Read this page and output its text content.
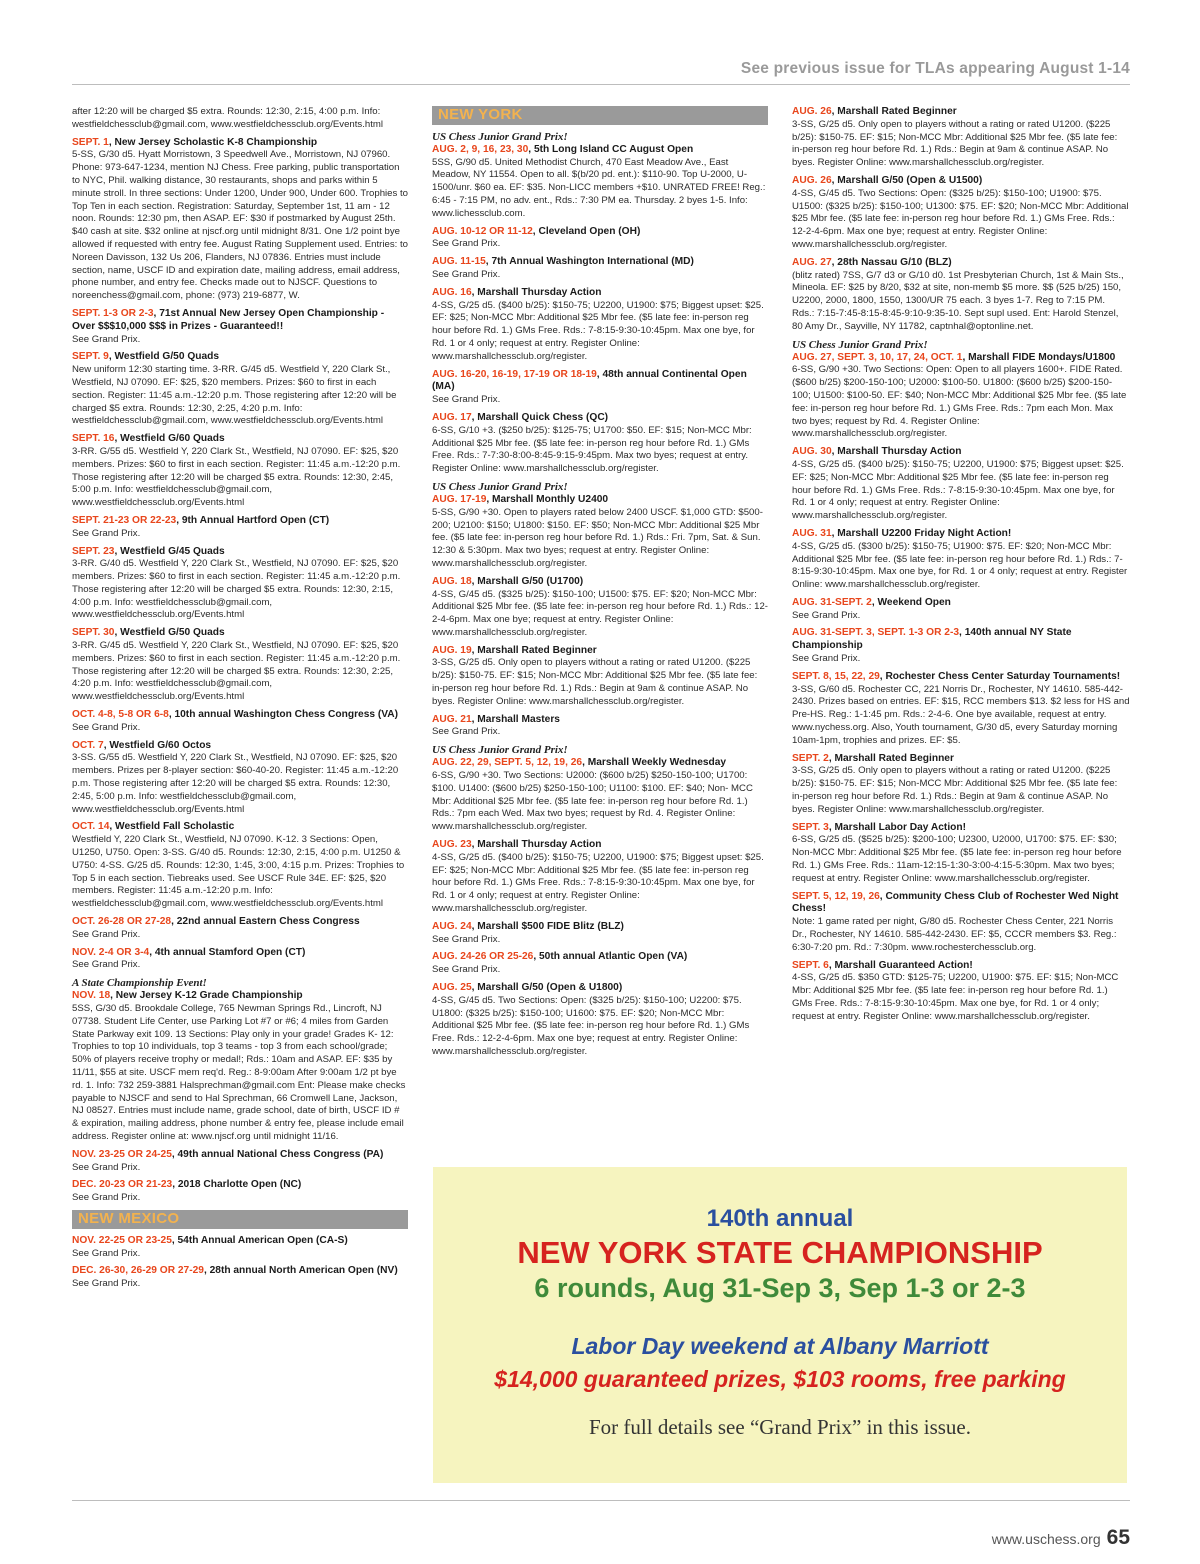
See previous issue for TLAs appearing August 1-14
after 12:20 will be charged $5 extra. Rounds: 12:30, 2:15, 4:00 p.m. Info: westfieldchessclub@gmail.com, www.westfieldchessclub.org/Events.html
SEPT. 1, New Jersey Scholastic K-8 Championship
5-SS, G/30 d5. Hyatt Morristown, 3 Speedwell Ave., Morristown, NJ 07960. Phone: 973-647-1234, mention NJ Chess. Free parking, public transportation to NYC, Phil. walking distance, 30 restaurants, shops and parks within 5 minute stroll. In three sections: Under 1200, Under 900, Under 600. Trophies to Top Ten in each section. Registration: Saturday, September 1st, 11 am - 12 noon. Rounds: 12:30 pm, then ASAP. EF: $30 if postmarked by August 25th. $40 cash at site. $32 online at njscf.org until midnight 8/31. One 1/2 point bye allowed if requested with entry fee. August Rating Supplement used. Entries: to Noreen Davisson, 132 Us 206, Flanders, NJ 07836. Entries must include section, name, USCF ID and expiration date, mailing address, email address, phone number, and entry fee. Checks made out to NJSCF. Questions to noreenchess@gmail.com, phone: (973) 219-6877, W.
SEPT. 1-3 OR 2-3, 71st Annual New Jersey Open Championship - Over $$$10,000 $$$ in Prizes - Guaranteed!!
See Grand Prix.
SEPT. 9, Westfield G/50 Quads
New uniform 12:30 starting time. 3-RR. G/45 d5. Westfield Y, 220 Clark St., Westfield, NJ 07090. EF: $25, $20 members. Prizes: $60 to first in each section. Register: 11:45 a.m.-12:20 p.m. Those registering after 12:20 will be charged $5 extra. Rounds: 12:30, 2:25, 4:20 p.m. Info: westfieldchessclub@gmail.com, www.westfieldchessclub.org/Events.html
SEPT. 16, Westfield G/60 Quads
3-RR. G/55 d5. Westfield Y, 220 Clark St., Westfield, NJ 07090. EF: $25, $20 members. Prizes: $60 to first in each section. Register: 11:45 a.m.-12:20 p.m. Those registering after 12:20 will be charged $5 extra. Rounds: 12:30, 2:45, 5:00 p.m. Info: westfieldchessclub@gmail.com, www.westfieldchessclub.org/Events.html
SEPT. 21-23 OR 22-23, 9th Annual Hartford Open (CT)
See Grand Prix.
SEPT. 23, Westfield G/45 Quads
3-RR. G/40 d5. Westfield Y, 220 Clark St., Westfield, NJ 07090. EF: $25, $20 members. Prizes: $60 to first in each section. Register: 11:45 a.m.-12:20 p.m. Those registering after 12:20 will be charged $5 extra. Rounds: 12:30, 2:15, 4:00 p.m. Info: westfieldchessclub@gmail.com, www.westfieldchessclub.org/Events.html
SEPT. 30, Westfield G/50 Quads
3-RR. G/45 d5. Westfield Y, 220 Clark St., Westfield, NJ 07090. EF: $25, $20 members. Prizes: $60 to first in each section. Register: 11:45 a.m.-12:20 p.m. Those registering after 12:20 will be charged $5 extra. Rounds: 12:30, 2:25, 4:20 p.m. Info: westfieldchessclub@gmail.com, www.westfieldchessclub.org/Events.html
OCT. 4-8, 5-8 OR 6-8, 10th annual Washington Chess Congress (VA)
See Grand Prix.
OCT. 7, Westfield G/60 Octos
3-SS. G/55 d5. Westfield Y, 220 Clark St., Westfield, NJ 07090. EF: $25, $20 members. Prizes per 8-player section: $60-40-20. Register: 11:45 a.m.-12:20 p.m. Those registering after 12:20 will be charged $5 extra. Rounds: 12:30, 2:45, 5:00 p.m. Info: westfieldchessclub@gmail.com, www.westfieldchessclub.org/Events.html
OCT. 14, Westfield Fall Scholastic
Westfield Y, 220 Clark St., Westfield, NJ 07090. K-12. 3 Sections: Open, U1250, U750. Open: 3-SS. G/40 d5. Rounds: 12:30, 2:15, 4:00 p.m. U1250 & U750: 4-SS. G/25 d5. Rounds: 12:30, 1:45, 3:00, 4:15 p.m. Prizes: Trophies to Top 5 in each section. Tiebreaks used. See USCF Rule 34E. EF: $25, $20 members. Register: 11:45 a.m.-12:20 p.m. Info: westfieldchessclub@gmail.com, www.westfieldchessclub.org/Events.html
OCT. 26-28 OR 27-28, 22nd annual Eastern Chess Congress
See Grand Prix.
NOV. 2-4 OR 3-4, 4th annual Stamford Open (CT)
See Grand Prix.
A State Championship Event!
NOV. 18, New Jersey K-12 Grade Championship
5SS, G/30 d5. Brookdale College, 765 Newman Springs Rd., Lincroft, NJ 07738. Student Life Center, use Parking Lot #7 or #6; 4 miles from Garden State Parkway exit 109. 13 Sections: Play only in your grade! Grades K- 12: Trophies to top 10 individuals, top 3 teams - top 3 from each school/grade; 50% of players receive trophy or medal!; Rds.: 10am and ASAP. EF: $35 by 11/11, $55 at site. USCF mem req'd. Reg.: 8-9:00am After 9:00am 1/2 pt bye rd. 1. Info: 732 259-3881 Halsprechman@gmail.com Ent: Please make checks payable to NJSCF and send to Hal Sprechman, 66 Cromwell Lane, Jackson, NJ 08527. Entries must include name, grade school, date of birth, USCF ID # & expiration, mailing address, phone number & entry fee, please include email address. Register online at: www.njscf.org until midnight 11/16.
NOV. 23-25 OR 24-25, 49th annual National Chess Congress (PA)
See Grand Prix.
DEC. 20-23 OR 21-23, 2018 Charlotte Open (NC)
See Grand Prix.
NEW MEXICO
NOV. 22-25 OR 23-25, 54th Annual American Open (CA-S)
See Grand Prix.
DEC. 26-30, 26-29 OR 27-29, 28th annual North American Open (NV)
See Grand Prix.
NEW YORK
US Chess Junior Grand Prix!
AUG. 2, 9, 16, 23, 30, 5th Long Island CC August Open
5SS, G/90 d5. United Methodist Church, 470 East Meadow Ave., East Meadow, NY 11554. Open to all. $(b/20 pd. ent.): $110-90. Top U-2000, U-1500/unr. $60 ea. EF: $35. Non-LICC members +$10. UNRATED FREE! Reg.: 6:45 - 7:15 PM, no adv. ent., Rds.: 7:30 PM ea. Thursday. 2 byes 1-5. Info: www.lichessclub.com.
AUG. 10-12 OR 11-12, Cleveland Open (OH)
See Grand Prix.
AUG. 11-15, 7th Annual Washington International (MD)
See Grand Prix.
AUG. 16, Marshall Thursday Action
4-SS, G/25 d5. ($400 b/25): $150-75; U2200, U1900: $75; Biggest upset: $25. EF: $25; Non-MCC Mbr: Additional $25 Mbr fee. ($5 late fee: in-person reg hour before Rd. 1.) GMs Free. Rds.: 7-8:15-9:30-10:45pm. Max one bye, for Rd. 1 or 4 only; request at entry. Register Online: www.marshallchessclub.org/register.
AUG. 16-20, 16-19, 17-19 OR 18-19, 48th annual Continental Open (MA)
See Grand Prix.
AUG. 17, Marshall Quick Chess (QC)
6-SS, G/10 +3. ($250 b/25): $125-75; U1700: $50. EF: $15; Non-MCC Mbr: Additional $25 Mbr fee. ($5 late fee: in-person reg hour before Rd. 1.) GMs Free. Rds.: 7-7:30-8:00-8:45-9:15-9:45pm. Max two byes; request at entry. Register Online: www.marshallchessclub.org/register.
US Chess Junior Grand Prix!
AUG. 17-19, Marshall Monthly U2400
5-SS, G/90 +30. Open to players rated below 2400 USCF. $1,000 GTD: $500-200; U2100: $150; U1800: $150. EF: $50; Non-MCC Mbr: Additional $25 Mbr fee. ($5 late fee: in-person reg hour before Rd. 1.) Rds.: Fri. 7pm, Sat. & Sun. 12:30 & 5:30pm. Max two byes; request at entry. Register Online: www.marshallchessclub.org/register.
AUG. 18, Marshall G/50 (U1700)
4-SS, G/45 d5. ($325 b/25): $150-100; U1500: $75. EF: $20; Non-MCC Mbr: Additional $25 Mbr fee. ($5 late fee: in-person reg hour before Rd. 1.) Rds.: 12-2-4-6pm. Max one bye; request at entry. Register Online: www.marshallchessclub.org/register.
AUG. 19, Marshall Rated Beginner
3-SS, G/25 d5. Only open to players without a rating or rated U1200. ($225 b/25): $150-75. EF: $15; Non-MCC Mbr: Additional $25 Mbr fee. ($5 late fee: in-person reg hour before Rd. 1.) Rds.: Begin at 9am & continue ASAP. No byes. Register Online: www.marshallchessclub.org/register.
AUG. 21, Marshall Masters
See Grand Prix.
US Chess Junior Grand Prix!
AUG. 22, 29, SEPT. 5, 12, 19, 26, Marshall Weekly Wednesday
6-SS, G/90 +30. Two Sections: U2000: ($600 b/25) $250-150-100; U1700: $100. U1400: ($600 b/25) $250-150-100; U1100: $100. EF: $40; Non- MCC Mbr: Additional $25 Mbr fee. ($5 late fee: in-person reg hour before Rd. 1.) Rds.: 7pm each Wed. Max two byes; request by Rd. 4. Register Online: www.marshallchessclub.org/register.
AUG. 23, Marshall Thursday Action
4-SS, G/25 d5. ($400 b/25): $150-75; U2200, U1900: $75; Biggest upset: $25. EF: $25; Non-MCC Mbr: Additional $25 Mbr fee. ($5 late fee: in-person reg hour before Rd. 1.) GMs Free. Rds.: 7-8:15-9:30-10:45pm. Max one bye, for Rd. 1 or 4 only; request at entry. Register Online: www.marshallchessclub.org/register.
AUG. 24, Marshall $500 FIDE Blitz (BLZ)
See Grand Prix.
AUG. 24-26 OR 25-26, 50th annual Atlantic Open (VA)
See Grand Prix.
AUG. 25, Marshall G/50 (Open & U1800)
4-SS, G/45 d5. Two Sections: Open: ($325 b/25): $150-100; U2200: $75. U1800: ($325 b/25): $150-100; U1600: $75. EF: $20; Non-MCC Mbr: Additional $25 Mbr fee. ($5 late fee: in-person reg hour before Rd. 1.) GMs Free. Rds.: 12-2-4-6pm. Max one bye; request at entry. Register Online: www.marshallchessclub.org/register.
AUG. 26, Marshall Rated Beginner
3-SS, G/25 d5. Only open to players without a rating or rated U1200. ($225 b/25): $150-75. EF: $15; Non-MCC Mbr: Additional $25 Mbr fee. ($5 late fee: in-person reg hour before Rd. 1.) Rds.: Begin at 9am & continue ASAP. No byes. Register Online: www.marshallchessclub.org/register.
AUG. 26, Marshall G/50 (Open & U1500)
4-SS, G/45 d5. Two Sections: Open: ($325 b/25): $150-100; U1900: $75. U1500: ($325 b/25): $150-100; U1300: $75. EF: $20; Non-MCC Mbr: Additional $25 Mbr fee. ($5 late fee: in-person reg hour before Rd. 1.) GMs Free. Rds.: 12-2-4-6pm. Max one bye; request at entry. Register Online: www.marshallchessclub.org/register.
AUG. 27, 28th Nassau G/10 (BLZ)
(blitz rated) 7SS, G/7 d3 or G/10 d0. 1st Presbyterian Church, 1st & Main Sts., Mineola. EF: $25 by 8/20, $32 at site, non-memb $5 more. $$ (525 b/25) 150, U2200, 2000, 1800, 1550, 1300/UR 75 each. 3 byes 1-7. Reg to 7:15 PM. Rds.: 7:15-7:45-8:15-8:45-9:10-9:35-10. Sept supl used. Ent: Harold Stenzel, 80 Amy Dr., Sayville, NY 11782, captnhal@optonline.net.
US Chess Junior Grand Prix!
AUG. 27, SEPT. 3, 10, 17, 24, OCT. 1, Marshall FIDE Mondays/U1800
6-SS, G/90 +30. Two Sections: Open: Open to all players 1600+. FIDE Rated. ($600 b/25) $200-150-100; U2000: $100-50. U1800: ($600 b/25) $200-150-100; U1500: $100-50. EF: $40; Non-MCC Mbr: Additional $25 Mbr fee. ($5 late fee: in-person reg hour before Rd. 1.) GMs Free. Rds.: 7pm each Mon. Max two byes; request by Rd. 4. Register Online: www.marshallchessclub.org/register.
AUG. 30, Marshall Thursday Action
4-SS, G/25 d5. ($400 b/25): $150-75; U2200, U1900: $75; Biggest upset: $25. EF: $25; Non-MCC Mbr: Additional $25 Mbr fee. ($5 late fee: in-person reg hour before Rd. 1.) GMs Free. Rds.: 7-8:15-9:30-10:45pm. Max one bye, for Rd. 1 or 4 only; request at entry. Register Online: www.marshallchessclub.org/register.
AUG. 31, Marshall U2200 Friday Night Action!
4-SS, G/25 d5. ($300 b/25): $150-75; U1900: $75. EF: $20; Non-MCC Mbr: Additional $25 Mbr fee. ($5 late fee: in-person reg hour before Rd. 1.) Rds.: 7-8:15-9:30-10:45pm. Max one bye, for Rd. 1 or 4 only; request at entry. Register Online: www.marshallchessclub.org/register.
AUG. 31-SEPT. 2, Weekend Open
See Grand Prix.
AUG. 31-SEPT. 3, SEPT. 1-3 OR 2-3, 140th annual NY State Championship
See Grand Prix.
SEPT. 8, 15, 22, 29, Rochester Chess Center Saturday Tournaments!
3-SS, G/60 d5. Rochester CC, 221 Norris Dr., Rochester, NY 14610. 585-442-2430. Prizes based on entries. EF: $15, RCC members $13. $2 less for HS and Pre-HS. Reg.: 1-1:45 pm. Rds.: 2-4-6. One bye available, request at entry. www.nychess.org. Also, Youth tournament, G/30 d5, every Saturday morning 10am-1pm, trophies and prizes. EF: $5.
SEPT. 2, Marshall Rated Beginner
3-SS, G/25 d5. Only open to players without a rating or rated U1200. ($225 b/25): $150-75. EF: $15; Non-MCC Mbr: Additional $25 Mbr fee. ($5 late fee: in-person reg hour before Rd. 1.) Rds.: Begin at 9am & continue ASAP. No byes. Register Online: www.marshallchessclub.org/register.
SEPT. 3, Marshall Labor Day Action!
6-SS, G/25 d5. ($525 b/25): $200-100; U2300, U2000, U1700: $75. EF: $30; Non-MCC Mbr: Additional $25 Mbr fee. ($5 late fee: in-person reg hour before Rd. 1.) GMs Free. Rds.: 11am-12:15-1:30-3:00-4:15-5:30pm. Max two byes; request at entry. Register Online: www.marshallchessclub.org/register.
SEPT. 5, 12, 19, 26, Community Chess Club of Rochester Wed Night Chess!
Note: 1 game rated per night, G/80 d5. Rochester Chess Center, 221 Norris Dr., Rochester, NY 14610. 585-442-2430. EF: $5, CCCR members $3. Reg.: 6:30-7:20 pm. Rd.: 7:30pm. www.rochesterchessclub.org.
SEPT. 6, Marshall Guaranteed Action!
4-SS, G/25 d5. $350 GTD: $125-75; U2200, U1900: $75. EF: $15; Non-MCC Mbr: Additional $25 Mbr fee. ($5 late fee: in-person reg hour before Rd. 1.) GMs Free. Rds.: 7-8:15-9:30-10:45pm. Max one bye, for Rd. 1 or 4 only; request at entry. Register Online: www.marshallchessclub.org/register.
140th annual
NEW YORK STATE CHAMPIONSHIP
6 rounds, Aug 31-Sep 3, Sep 1-3 or 2-3
Labor Day weekend at Albany Marriott
$14,000 guaranteed prizes, $103 rooms, free parking
For full details see “Grand Prix” in this issue.
www.uschess.org 65
